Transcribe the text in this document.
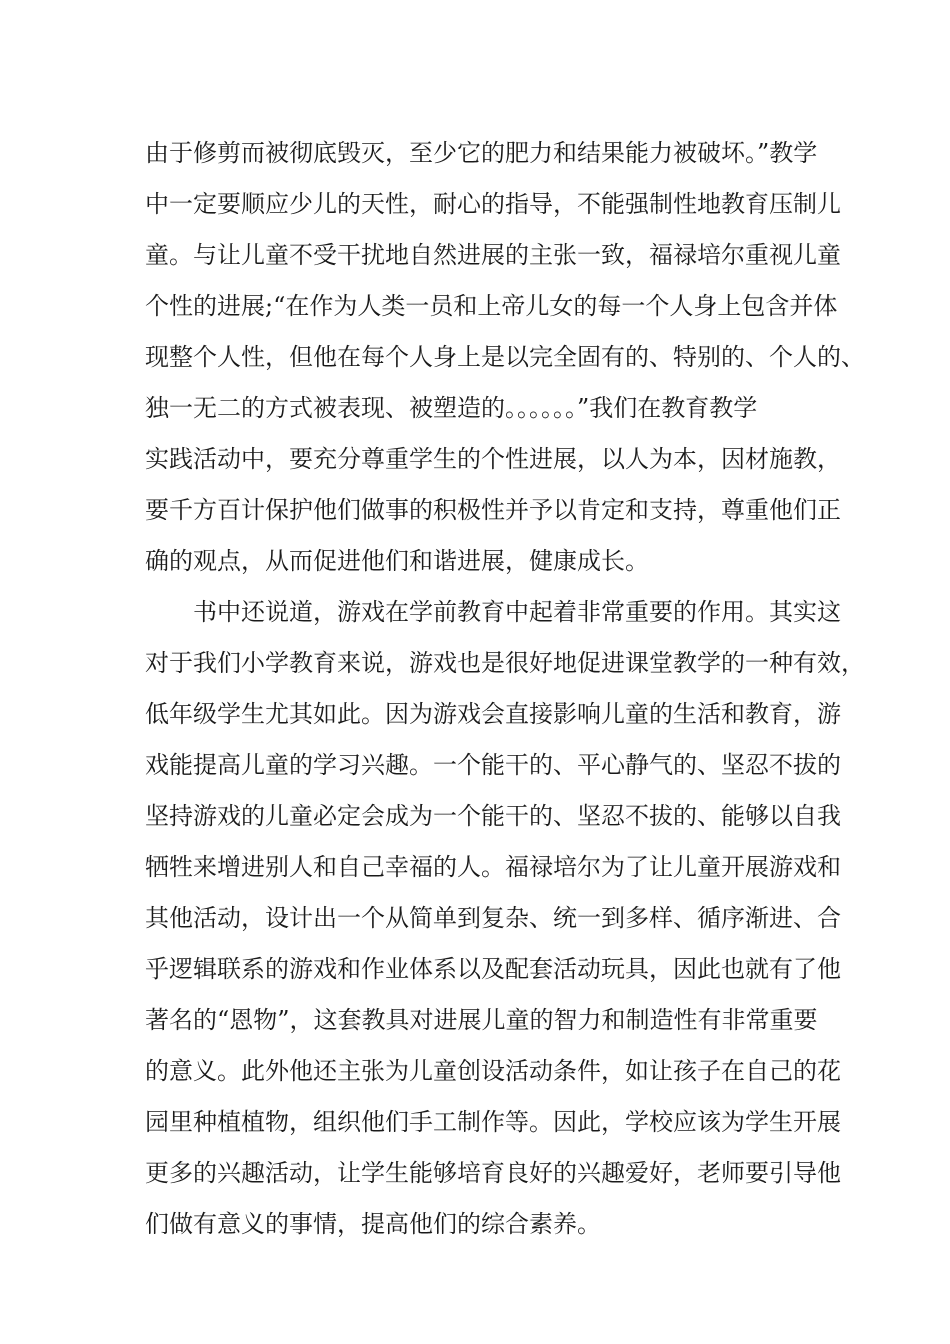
由于修剪而被彻底毁灭，至少它的肥力和结果能力被破坏。”教学
中一定要顺应少儿的天性，耐心的指导，不能强制性地教育压制儿
童。与让儿童不受干扰地自然进展的主张一致，福禄培尔重视儿童
个性的进展;“在作为人类一员和上帝儿女的每一个人身上包含并体
现整个人性，但他在每个人身上是以完全固有的、特别的、个人的、
独一无二的方式被表现、被塑造的。。。。。。”我们在教育教学
实践活动中，要充分尊重学生的个性进展，以人为本，因材施教，
要千方百计保护他们做事的积极性并予以肯定和支持，尊重他们正
确的观点，从而促进他们和谐进展，健康成长。
书中还说道，游戏在学前教育中起着非常重要的作用。其实这
对于我们小学教育来说，游戏也是很好地促进课堂教学的一种有效，
低年级学生尤其如此。因为游戏会直接影响儿童的生活和教育，游
戏能提高儿童的学习兴趣。一个能干的、平心静气的、坚忍不拔的
坚持游戏的儿童必定会成为一个能干的、坚忍不拔的、能够以自我
牺牲来增进别人和自己幸福的人。福禄培尔为了让儿童开展游戏和
其他活动，设计出一个从简单到复杂、统一到多样、循序渐进、合
乎逻辑联系的游戏和作业体系以及配套活动玩具，因此也就有了他
著名的“恩物”，这套教具对进展儿童的智力和制造性有非常重要
的意义。此外他还主张为儿童创设活动条件，如让孩子在自己的花
园里种植植物，组织他们手工制作等。因此，学校应该为学生开展
更多的兴趣活动，让学生能够培育良好的兴趣爱好，老师要引导他
们做有意义的事情，提高他们的综合素养。
